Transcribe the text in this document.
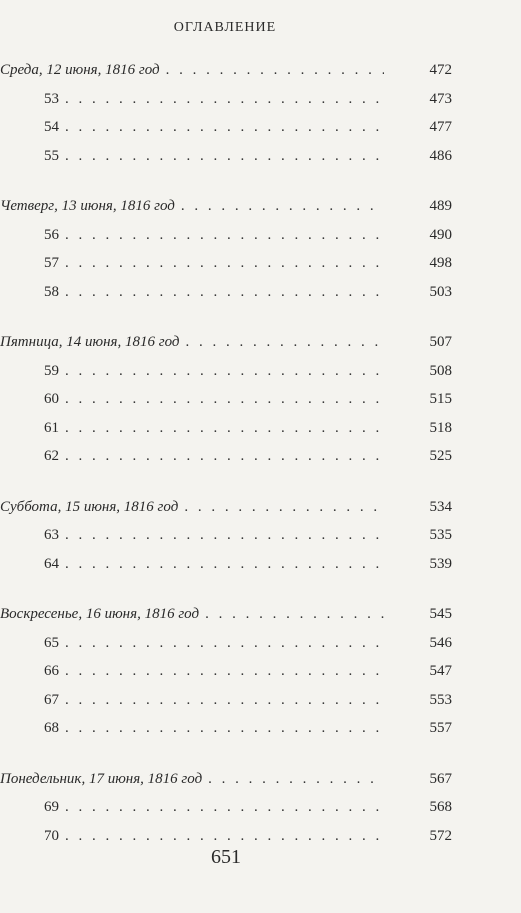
ОГЛАВЛЕНИЕ
Среда, 12 июня, 1816 год . . .	472
53 . . .	473
54 . . .	477
55 . . .	486
Четверг, 13 июня, 1816 год . . .	489
56 . . .	490
57 . . .	498
58 . . .	503
Пятница, 14 июня, 1816 год . . .	507
59 . . .	508
60 . . .	515
61 . . .	518
62 . . .	525
Суббота, 15 июня, 1816 год . . .	534
63 . . .	535
64 . . .	539
Воскресенье, 16 июня, 1816 год . . .	545
65 . . .	546
66 . . .	547
67 . . .	553
68 . . .	557
Понедельник, 17 июня, 1816 год . . .	567
69 . . .	568
70 . . .	572
651
